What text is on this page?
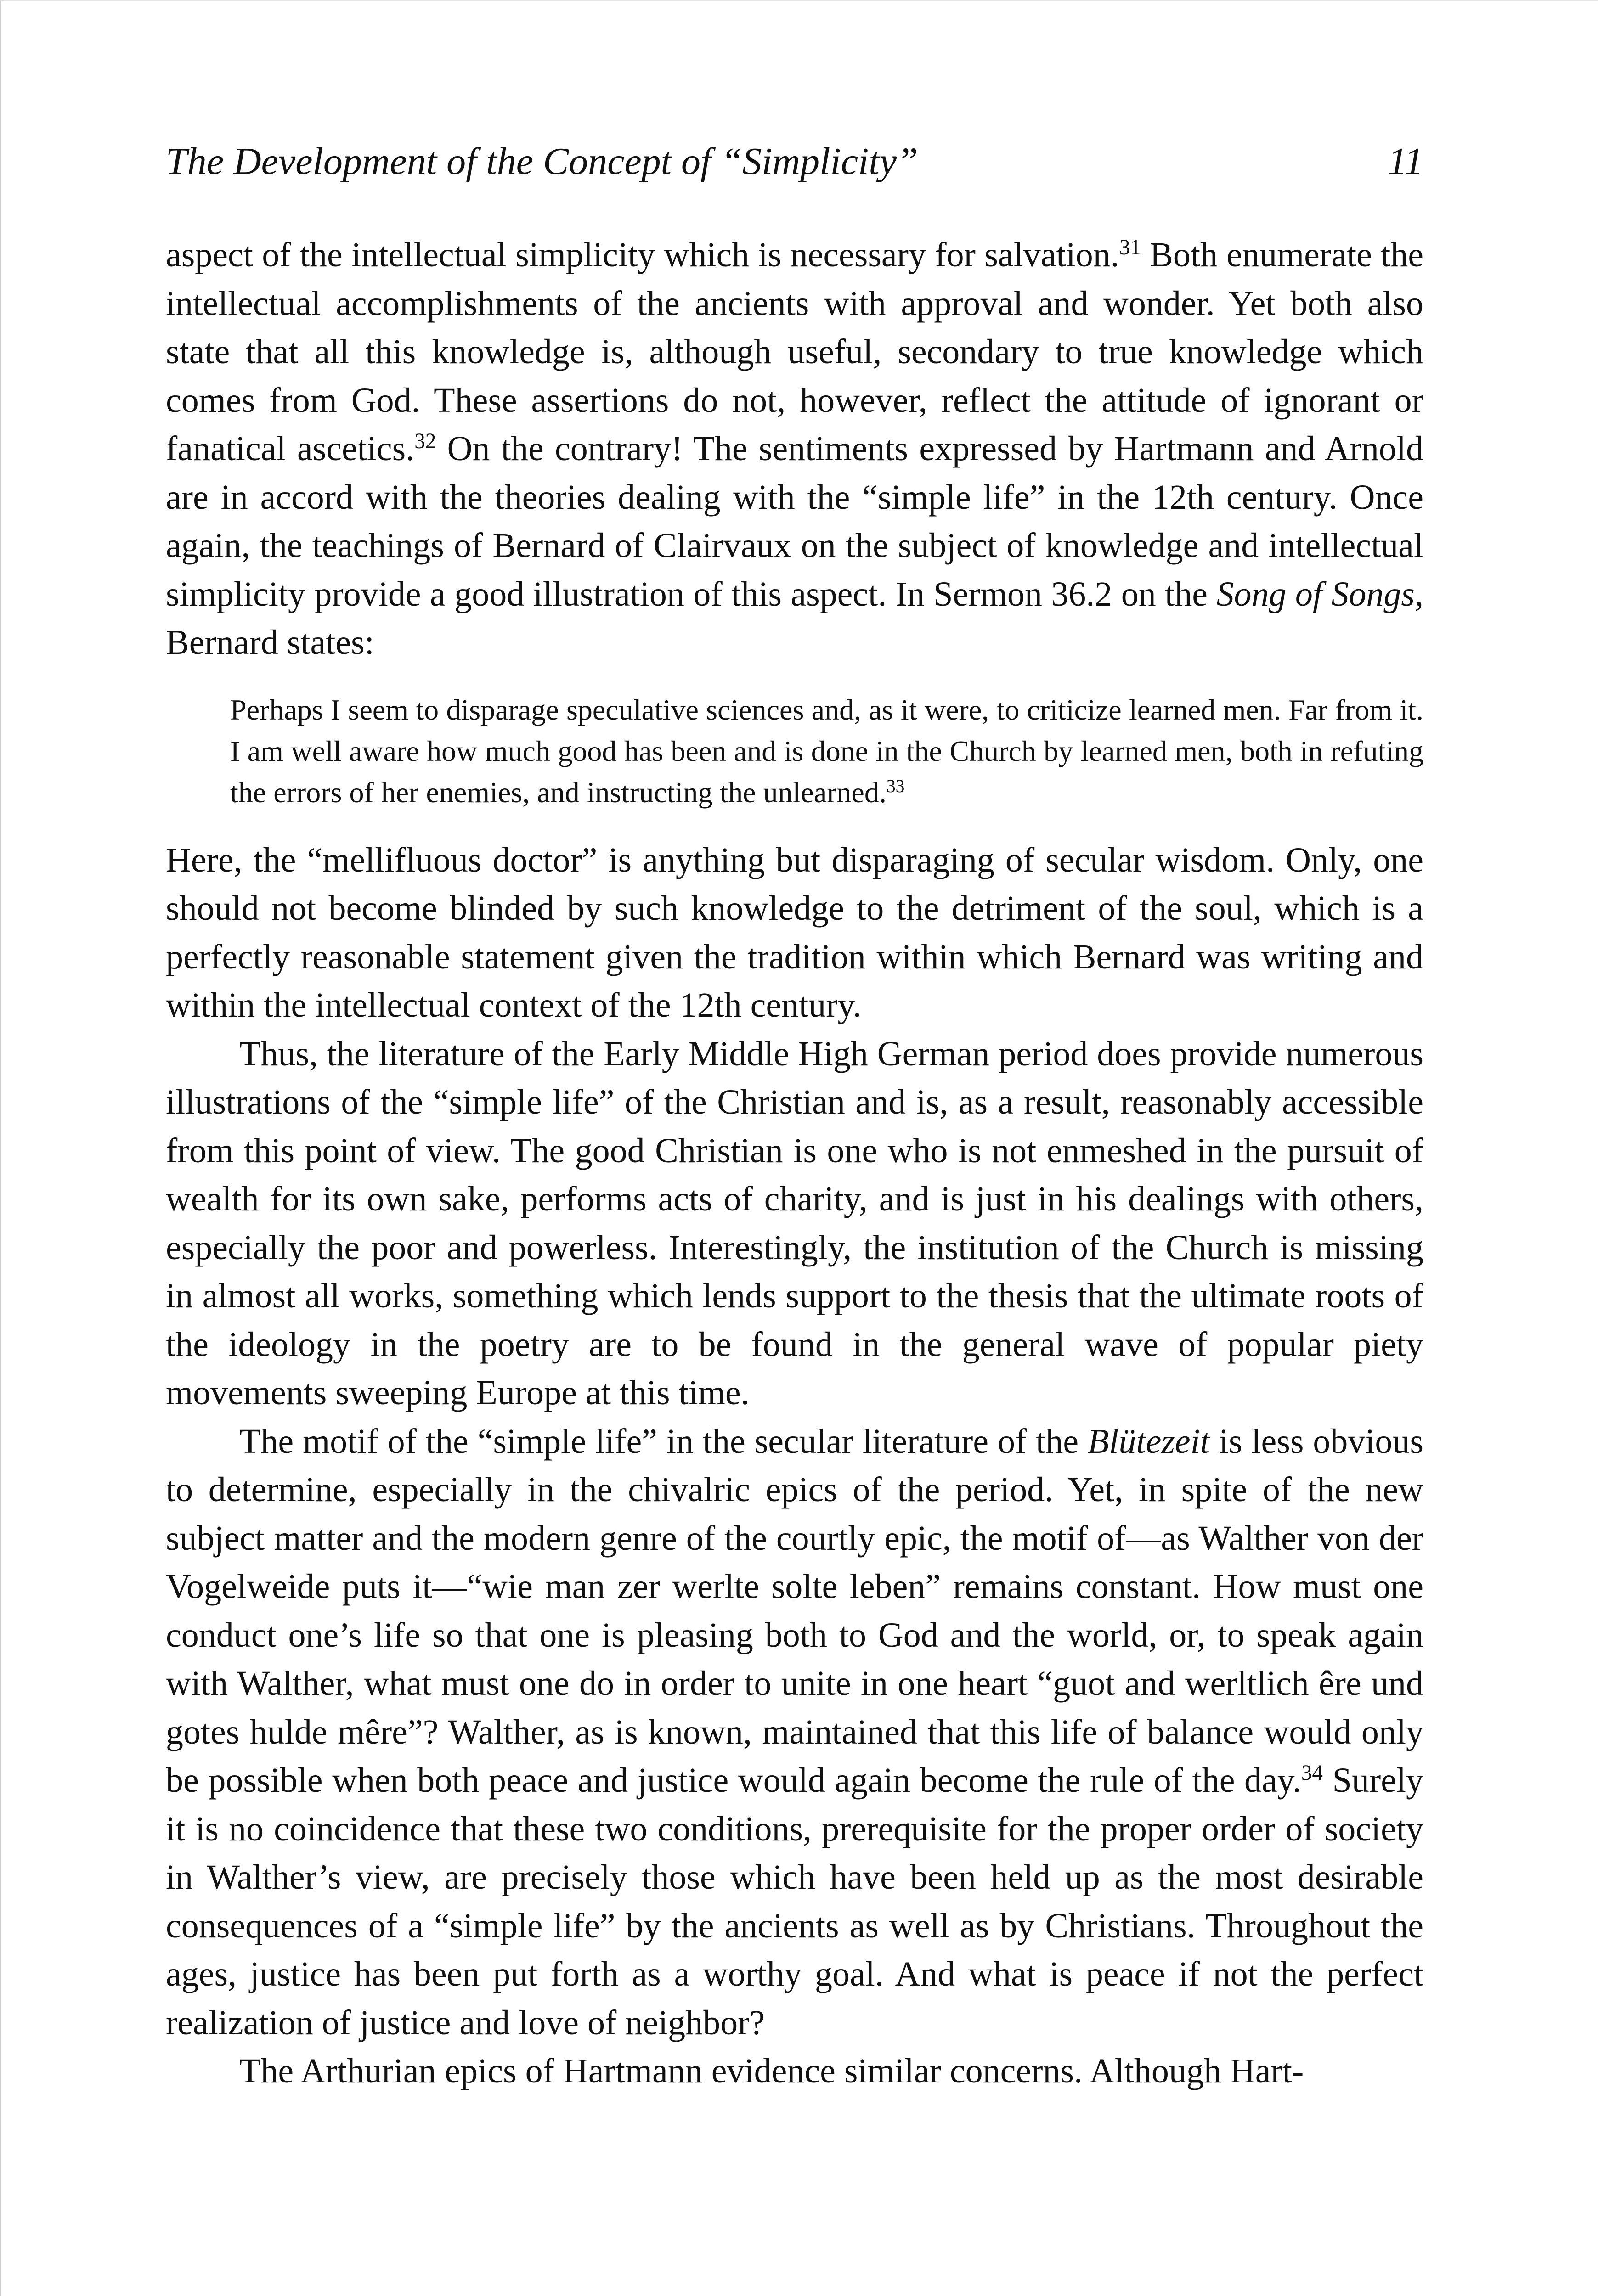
The Development of the Concept of “Simplicity”	11

aspect of the intellectual simplicity which is necessary for salvation.$^{31}$ Both enumerate the intellectual accomplishments of the ancients with approval and wonder. Yet both also state that all this knowledge is, although useful, secondary to true knowledge which comes from God. These assertions do not, however, reflect the attitude of ignorant or fanatical ascetics.$^{32}$ On the contrary! The sentiments expressed by Hartmann and Arnold are in accord with the theories dealing with the “simple life” in the 12th century. Once again, the teachings of Bernard of Clairvaux on the subject of knowledge and intellectual simplicity provide a good illustration of this aspect. In Sermon 36.2 on the Song of Songs, Bernard states:

Perhaps I seem to disparage speculative sciences and, as it were, to criticize learned men. Far from it. I am well aware how much good has been and is done in the Church by learned men, both in refuting the errors of her enemies, and instructing the unlearned.$^{33}$

Here, the “mellifluous doctor” is anything but disparaging of secular wisdom. Only, one should not become blinded by such knowledge to the detriment of the soul, which is a perfectly reasonable statement given the tradition within which Bernard was writing and within the intellectual context of the 12th century.

Thus, the literature of the Early Middle High German period does provide numerous illustrations of the “simple life” of the Christian and is, as a result, reasonably accessible from this point of view. The good Christian is one who is not enmeshed in the pursuit of wealth for its own sake, performs acts of charity, and is just in his dealings with others, especially the poor and powerless. Interestingly, the institution of the Church is missing in almost all works, something which lends support to the thesis that the ultimate roots of the ideology in the poetry are to be found in the general wave of popular piety movements sweeping Europe at this time.

The motif of the “simple life” in the secular literature of the Blütezeit is less obvious to determine, especially in the chivalric epics of the period. Yet, in spite of the new subject matter and the modern genre of the courtly epic, the motif of—as Walther von der Vogelweide puts it—“wie man zer werlte solte leben” remains constant. How must one conduct one’s life so that one is pleasing both to God and the world, or, to speak again with Walther, what must one do in order to unite in one heart “guot and werltlich êre und gotes hulde mêre”? Walther, as is known, maintained that this life of balance would only be possible when both peace and justice would again become the rule of the day.$^{34}$ Surely it is no coincidence that these two conditions, prerequisite for the proper order of society in Walther’s view, are precisely those which have been held up as the most desirable consequences of a “simple life” by the ancients as well as by Christians. Throughout the ages, justice has been put forth as a worthy goal. And what is peace if not the perfect realization of justice and love of neighbor?

The Arthurian epics of Hartmann evidence similar concerns. Although Hart-
